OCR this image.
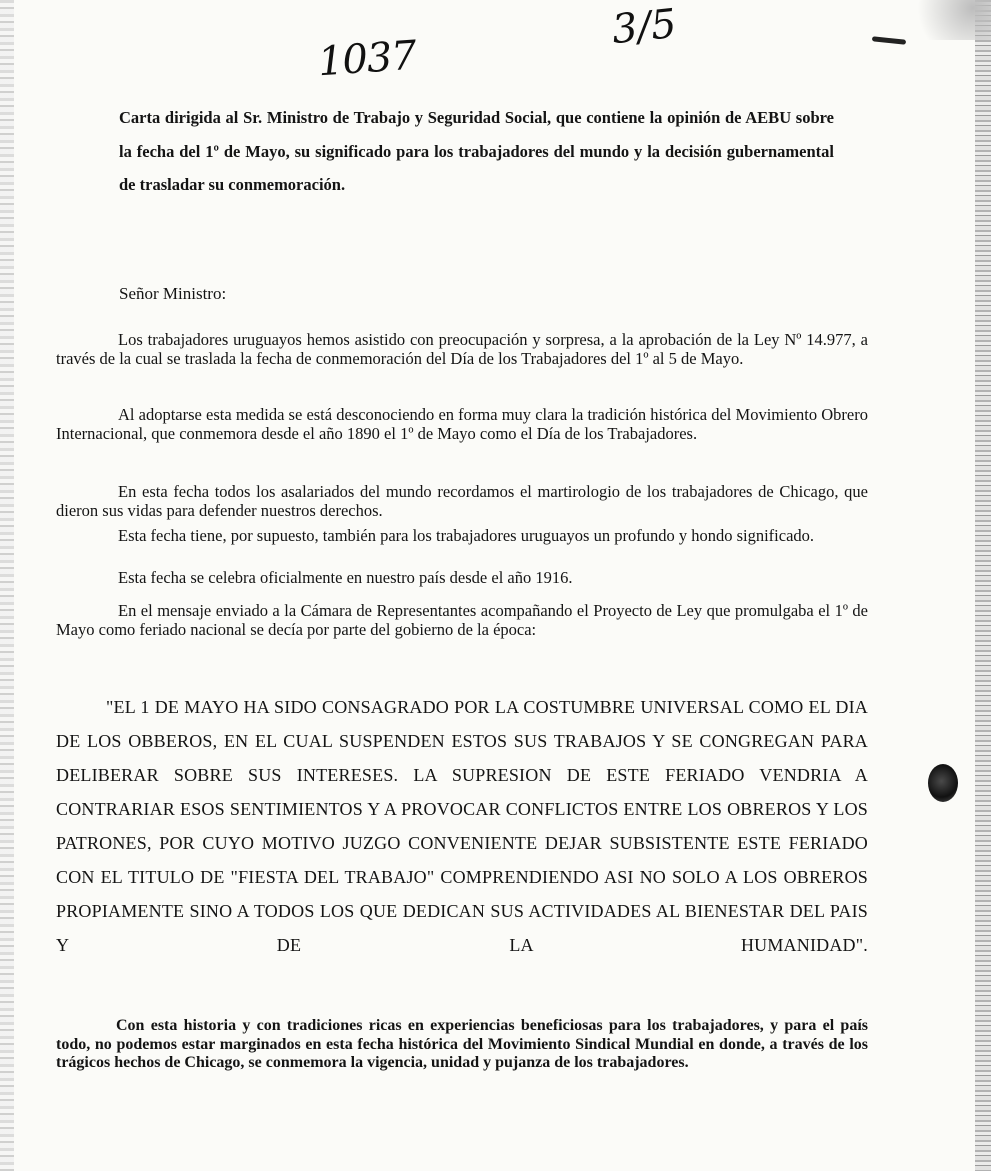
1037
3/5
Carta dirigida al Sr. Ministro de Trabajo y Seguridad Social, que contiene la opinión de AEBU sobre la fecha del 1º de Mayo, su significado para los trabajadores del mundo y la decisión gubernamental de trasladar su conmemoración.
Señor Ministro:

Los trabajadores uruguayos hemos asistido con preocupación y sorpresa, a la aprobación de la Ley Nº 14.977, a través de la cual se traslada la fecha de conmemoración del Día de los Trabajadores del 1º al 5 de Mayo.

Al adoptarse esta medida se está desconociendo en forma muy clara la tradición histórica del Movimiento Obrero Internacional, que conmemora desde el año 1890 el 1º de Mayo como el Día de los Trabajadores.

En esta fecha todos los asalariados del mundo recordamos el martirologio de los trabajadores de Chicago, que dieron sus vidas para defender nuestros derechos.

Esta fecha tiene, por supuesto, también para los trabajadores uruguayos un profundo y hondo significado.

Esta fecha se celebra oficialmente en nuestro país desde el año 1916.

En el mensaje enviado a la Cámara de Representantes acompañando el Proyecto de Ley que promulgaba el 1º de Mayo como feriado nacional se decía por parte del gobierno de la época:

"EL 1 DE MAYO HA SIDO CONSAGRADO POR LA COSTUMBRE UNIVERSAL COMO EL DIA DE LOS OBBEROS, EN EL CUAL SUSPENDEN ESTOS SUS TRABAJOS Y SE CONGREGAN PARA DELIBERAR SOBRE SUS INTERESES. LA SUPRESION DE ESTE FERIADO VENDRIA A CONTRARIAR ESOS SENTIMIENTOS Y A PROVOCAR CONFLICTOS ENTRE LOS OBREROS Y LOS PATRONES, POR CUYO MOTIVO JUZGO CONVENIENTE DEJAR SUBSISTENTE ESTE FERIADO CON EL TITULO DE "FIESTA DEL TRABAJO" COMPRENDIENDO ASI NO SOLO A LOS OBREROS PROPIAMENTE SINO A TODOS LOS QUE DEDICAN SUS ACTIVIDADES AL BIENESTAR DEL PAIS Y DE LA HUMANIDAD".
Con esta historia y con tradiciones ricas en experiencias beneficiosas para los trabajadores, y para el país todo, no podemos estar marginados en esta fecha histórica del Movimiento Sindical Mundial en donde, a través de los trágicos hechos de Chicago, se conmemora la vigencia, unidad y pujanza de los trabajadores.
